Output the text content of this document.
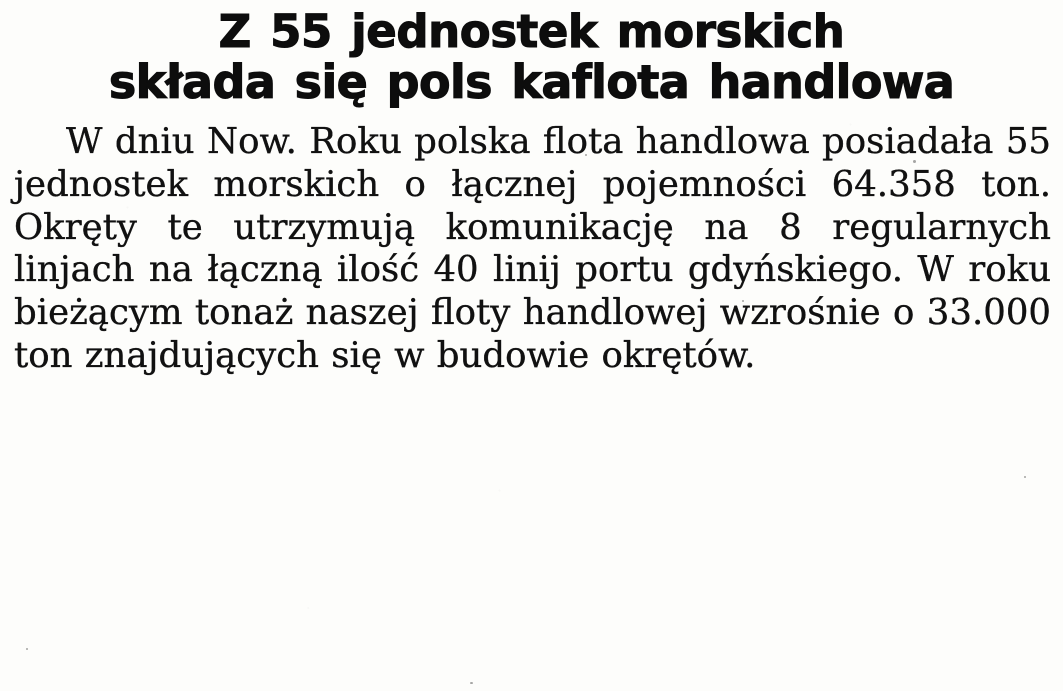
Z 55 jednostek morskich
składa się pols kaflota handlowa
W dniu Now. Roku polska flota handlowa posiadała 55 jednostek morskich o łącznej pojemności 64.358 ton. Okręty te utrzymują komunikację na 8 regularnych linjach na łączną ilość 40 linij portu gdyńskiego. W roku bieżącym tonaż naszej floty handlowej wzrośnie o 33.000 ton znajdujących się w budowie okrętów.
